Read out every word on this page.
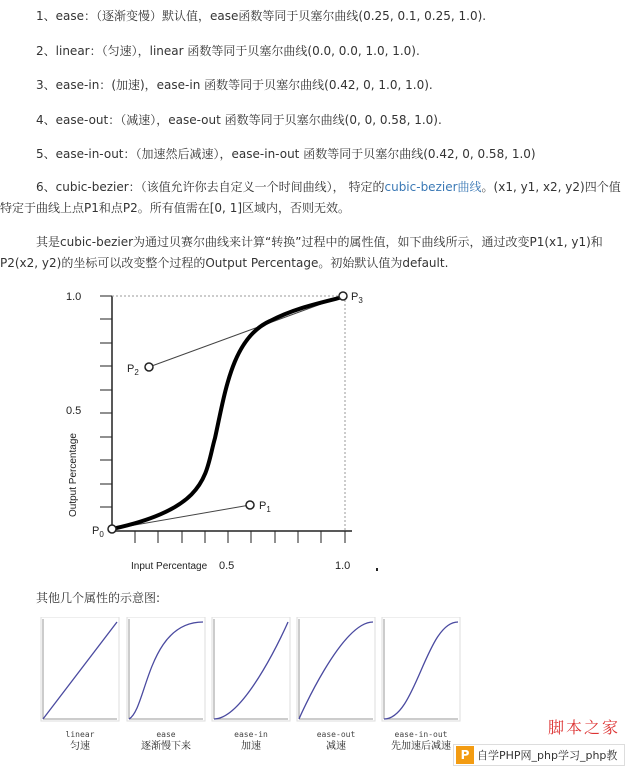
1、ease：（逐渐变慢）默认值，ease函数等同于贝塞尔曲线(0.25, 0.1, 0.25, 1.0).
2、linear：（匀速），linear 函数等同于贝塞尔曲线(0.0, 0.0, 1.0, 1.0).
3、ease-in：(加速)，ease-in 函数等同于贝塞尔曲线(0.42, 0, 1.0, 1.0).
4、ease-out：（减速），ease-out 函数等同于贝塞尔曲线(0, 0, 0.58, 1.0).
5、ease-in-out：（加速然后减速），ease-in-out 函数等同于贝塞尔曲线(0.42, 0, 0.58, 1.0)
6、cubic-bezier：（该值允许你去自定义一个时间曲线）， 特定的cubic-bezier曲线。(x1, y1, x2, y2)四个值特定于曲线上点P1和点P2。所有值需在[0, 1]区域内，否则无效。
其是cubic-bezier为通过贝赛尔曲线来计算“转换”过程中的属性值，如下曲线所示，通过改变P1(x1, y1)和P2(x2, y2)的坐标可以改变整个过程的Output Percentage。初始默认值为default.
$P_0$
$P_1$
$P_2$
$P_3$
1.0
0.5
0.5	1.0
Input Percentage
Output Percentage
其他几个属性的示意图:
linear
匀速
ease
逐渐慢下来
ease-in
加速
ease-out
减速
ease-in-out
先加速后减速
脚本之家
P 自学PHP网_php学习_php教
